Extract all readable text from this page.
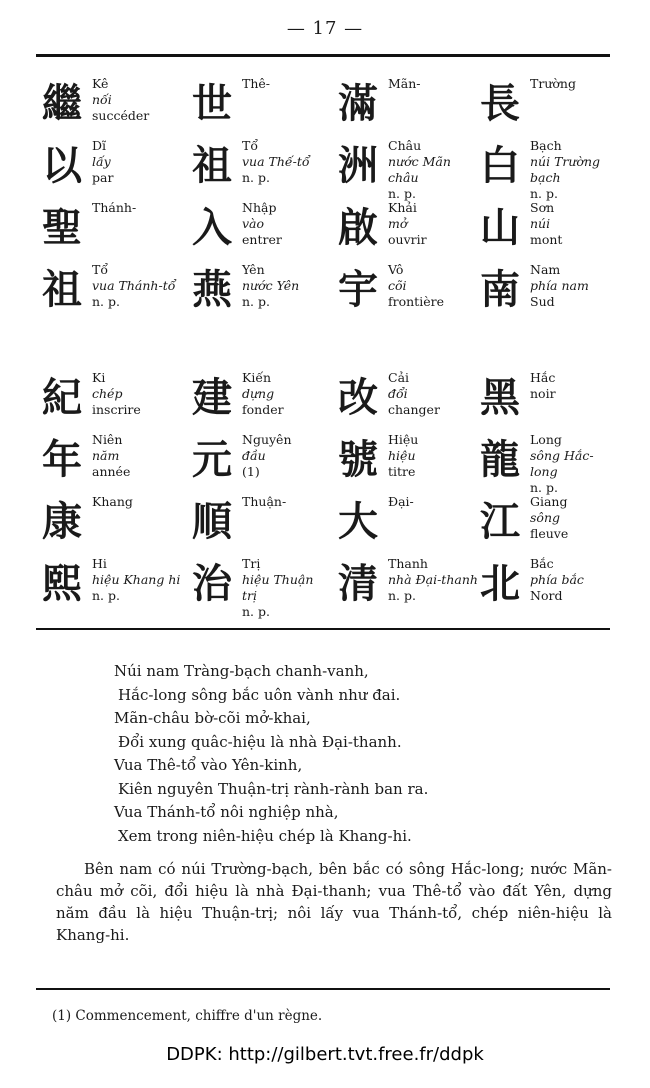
— 17 —
繼 Kê
nối
succéder
以 Dĩ
lấy
par
聖 Thánh-
祖 Tổ
vua Thánh-tổ
n. p.
世 Thê-
祖 Tổ
vua Thế-tổ
n. p.
入 Nhập
vào
entrer
燕 Yên
nước Yên
n. p.
滿 Mãn-
洲 Châu
nước Mãn châu
n. p.
啟 Khải
mở
ouvrir
宇 Vô
cõi
frontière
長 Trường
白 Bạch
núi Trường bạch
n. p.
山 Sơn
núi
mont
南 Nam
phía nam
Sud
紀 Ki
chép
inscrire
年 Niên
năm
année
康 Khang
熙 Hi
hiệu Khang hi
n. p.
建 Kiến
dựng
fonder
元 Nguyên
đầu
(1)
順 Thuận-
治 Trị
hiệu Thuận trị
n. p.
改 Cải
đổi
changer
號 Hiệu
hiệu
titre
大 Đại-
清 Thanh
nhà Đại-thanh
n. p.
黑 Hắc
noir
龍 Long
sông Hắc-long
n. p.
江 Giang
sông
fleuve
北 Bắc
phía bắc
Nord
Núi nam Tràng-bạch chanh-vanh,
Hắc-long sông bắc uôn vành như đai.
Mãn-châu bờ-cõi mở-khai,
Đổi xung quâc-hiệu là nhà Đại-thanh.
Vua Thê-tổ vào Yên-kinh,
Kiên nguyên Thuận-trị rành-rành ban ra.
Vua Thánh-tổ nôi nghiệp nhà,
Xem trong niên-hiệu chép là Khang-hi.
Bên nam có núi Trường-bạch, bên bắc có sông Hắc-long; nước Mãn-châu mở cõi, đổi hiệu là nhà Đại-thanh; vua Thê-tổ vào đất Yên, dựng năm đầu là hiệu Thuận-trị; nôi lấy vua Thánh-tổ, chép niên-hiệu là Khang-hi.
(1) Commencement, chiffre d'un règne.
DDPK: http://gilbert.tvt.free.fr/ddpk
